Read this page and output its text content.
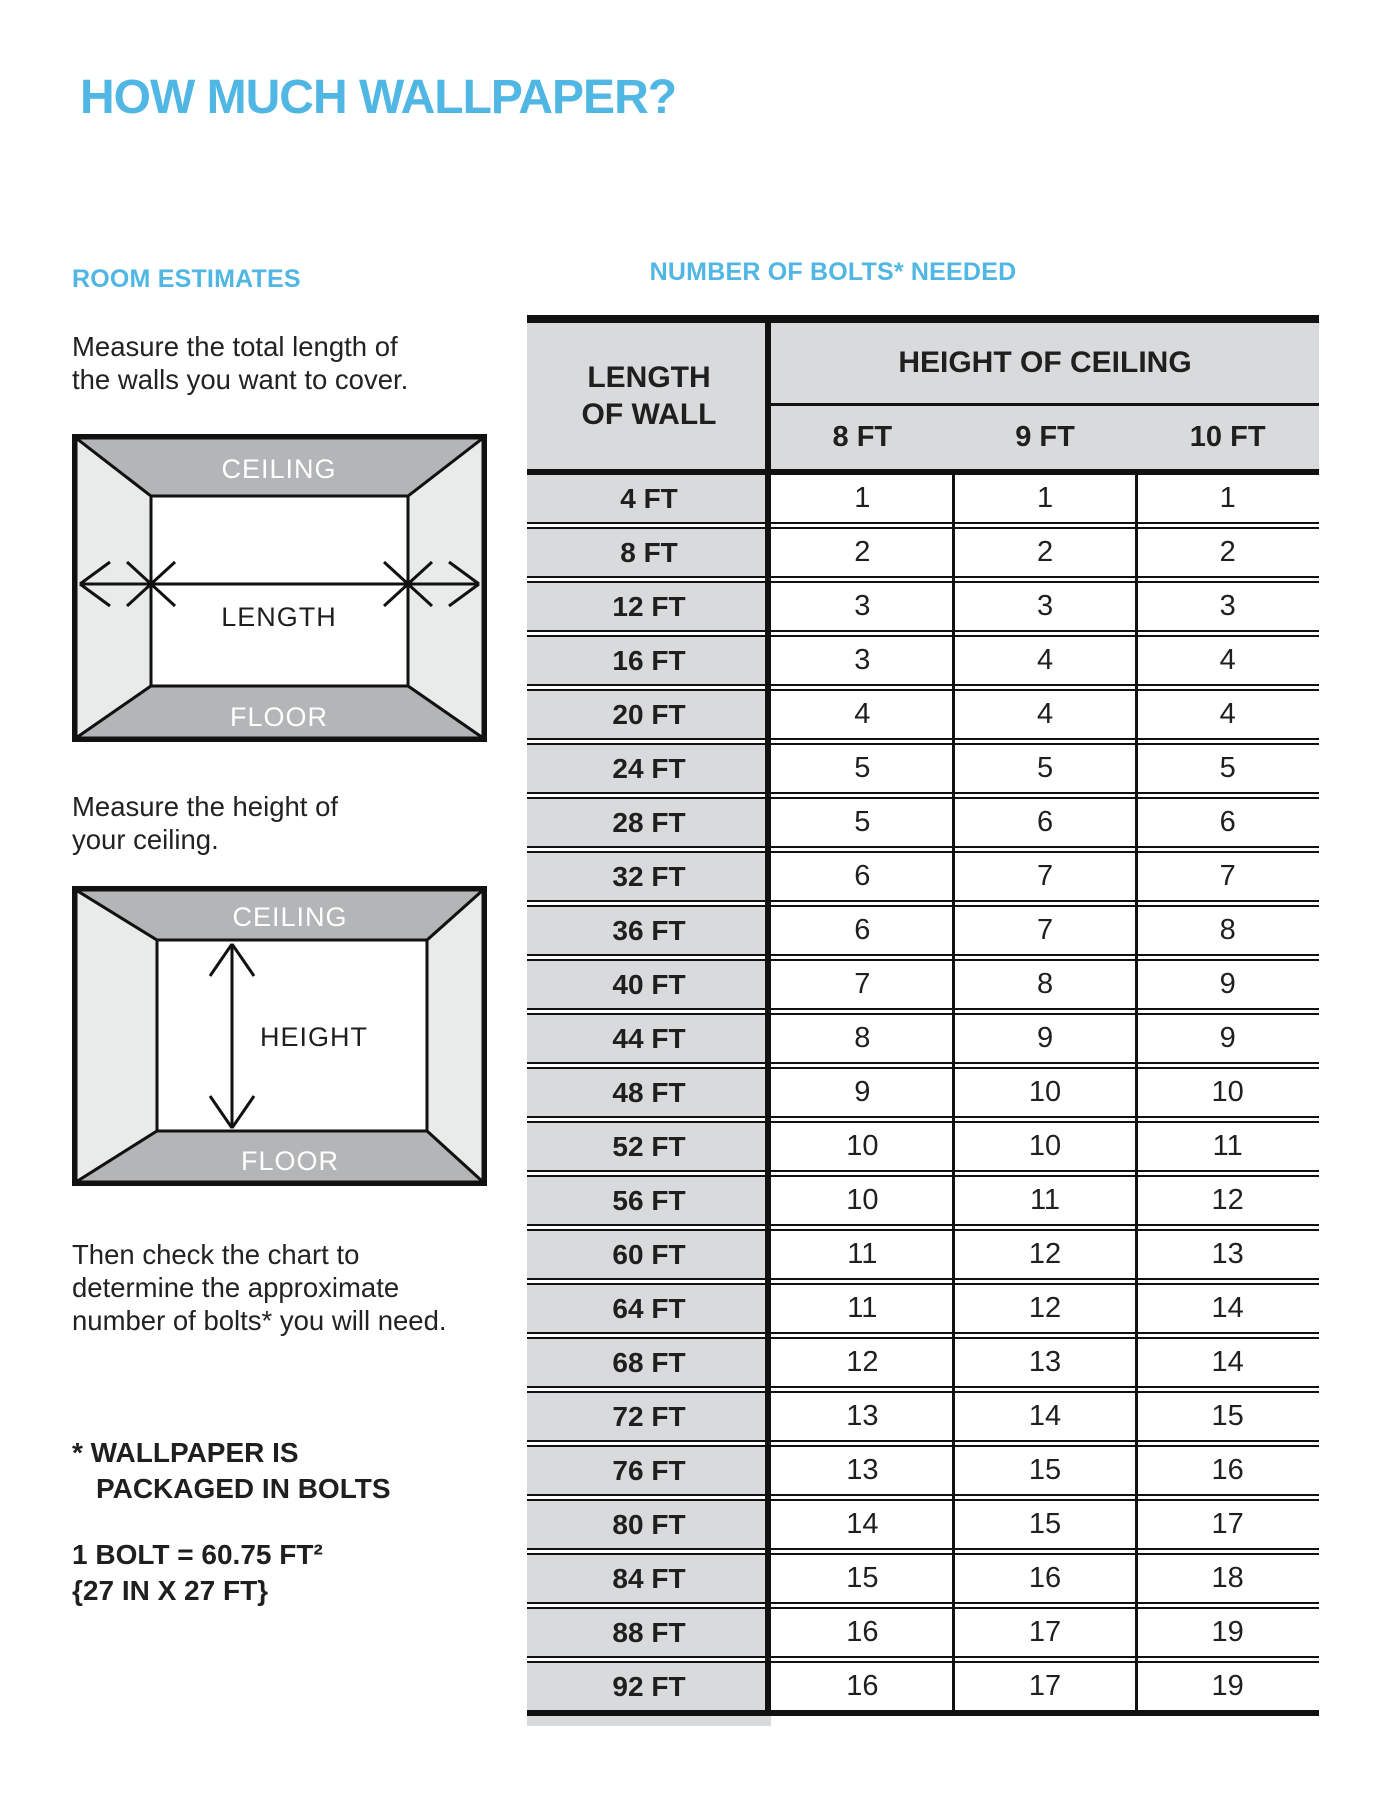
HOW MUCH WALLPAPER?
ROOM ESTIMATES

Measure the total length of
the walls you want to cover.

CEILING
FLOOR
LENGTH

Measure the height of
your ceiling.

CEILING
FLOOR
HEIGHT

Then check the chart to
determine the approximate
number of bolts* you will need.

* WALLPAPER IS
PACKAGED IN BOLTS
1 BOLT = 60.75 FT²
{27 IN X 27 FT}
NUMBER OF BOLTS* NEEDED
LENGTH
OF WALL
HEIGHT OF CEILING
8 FT	9 FT	10 FT
4 FT	1	1	1
8 FT	2	2	2
12 FT	3	3	3
16 FT	3	4	4
20 FT	4	4	4
24 FT	5	5	5
28 FT	5	6	6
32 FT	6	7	7
36 FT	6	7	8
40 FT	7	8	9
44 FT	8	9	9
48 FT	9	10	10
52 FT	10	10	11
56 FT	10	11	12
60 FT	11	12	13
64 FT	11	12	14
68 FT	12	13	14
72 FT	13	14	15
76 FT	13	15	16
80 FT	14	15	17
84 FT	15	16	18
88 FT	16	17	19
92 FT	16	17	19
